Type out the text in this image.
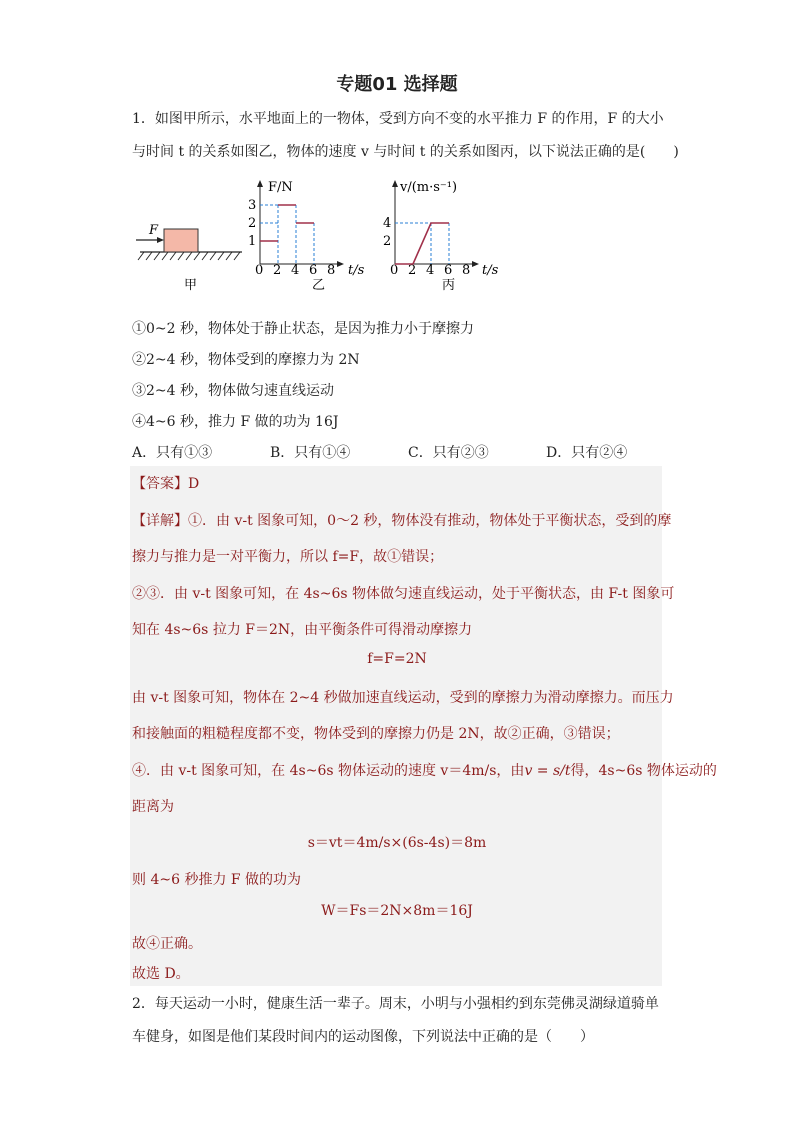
专题01 选择题
1．如图甲所示，水平地面上的一物体，受到方向不变的水平推力 F 的作用，F 的大小
与时间 t 的关系如图乙，物体的速度 v 与时间 t 的关系如图丙，以下说法正确的是(　　)
F
甲
F/N
t/s
1
2
3
0 2 4 6 8
乙
v/(m·s⁻¹)
t/s
2
4
0 2 4 6 8
丙
①0~2 秒，物体处于静止状态，是因为推力小于摩擦力
②2~4 秒，物体受到的摩擦力为 2N
③2~4 秒，物体做匀速直线运动
④4~6 秒，推力 F 做的功为 16J
A．只有①③	B．只有①④	C．只有②③	D．只有②④
【答案】D
【详解】①．由 v-t 图象可知，0～2 秒，物体没有推动，物体处于平衡状态，受到的摩
擦力与推力是一对平衡力，所以 f=F，故①错误；
②③．由 v-t 图象可知，在 4s~6s 物体做匀速直线运动，处于平衡状态，由 F-t 图象可
知在 4s~6s 拉力 F＝2N，由平衡条件可得滑动摩擦力
f=F=2N
由 v-t 图象可知，物体在 2~4 秒做加速直线运动，受到的摩擦力为滑动摩擦力。而压力
和接触面的粗糙程度都不变，物体受到的摩擦力仍是 2N，故②正确，③错误；
④．由 v-t 图象可知，在 4s~6s 物体运动的速度 v＝4m/s，由v = s/t得，4s~6s 物体运动的
距离为
s＝vt＝4m/s×(6s-4s)＝8m
则 4~6 秒推力 F 做的功为
W＝Fs＝2N×8m＝16J
故④正确。
故选 D。
2．每天运动一小时，健康生活一辈子。周末，小明与小强相约到东莞佛灵湖绿道骑单
车健身，如图是他们某段时间内的运动图像，下列说法中正确的是（　　）
